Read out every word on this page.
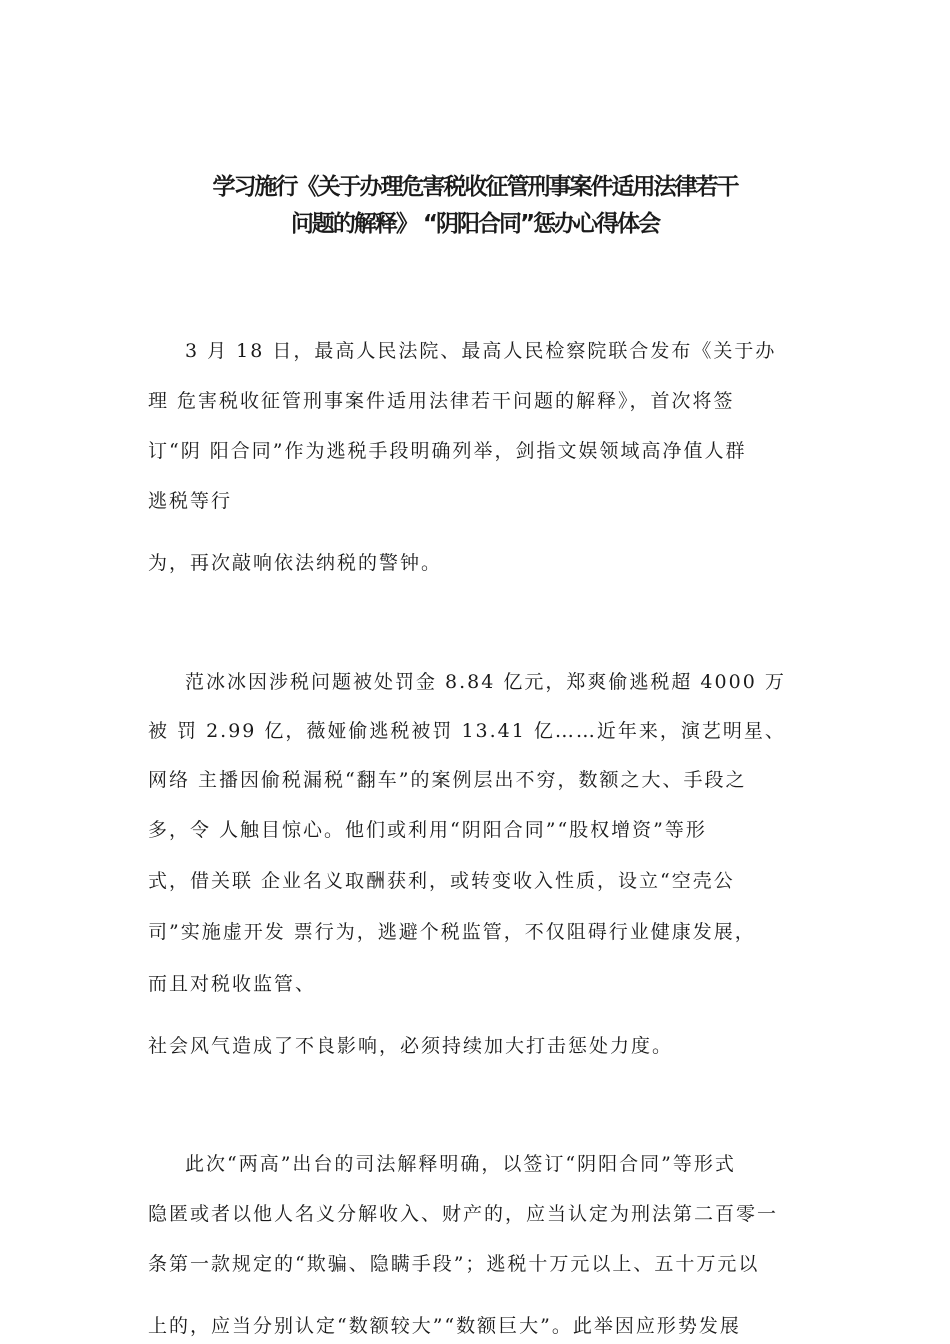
学习施行《关于办理危害税收征管刑事案件适用法律若干
问题的解释》 “阴阳合同”惩办心得体会
3 月 18 日，最高人民法院、最高人民检察院联合发布《关于办
理 危害税收征管刑事案件适用法律若干问题的解释》，首次将签
订“阴 阳合同”作为逃税手段明确列举，剑指文娱领域高净值人群
逃税等行
为，再次敲响依法纳税的警钟。
范冰冰因涉税问题被处罚金 8.84 亿元，郑爽偷逃税超 4000 万
被 罚 2.99 亿，薇娅偷逃税被罚 13.41 亿……近年来，演艺明星、
网络 主播因偷税漏税“翻车”的案例层出不穷，数额之大、手段之
多，令 人触目惊心。他们或利用“阴阳合同”“股权增资”等形
式，借关联 企业名义取酬获利，或转变收入性质，设立“空壳公
司”实施虚开发 票行为，逃避个税监管，不仅阻碍行业健康发展，
而且对税收监管、
社会风气造成了不良影响，必须持续加大打击惩处力度。
此次“两高”出台的司法解释明确，以签订“阴阳合同”等形式
隐匿或者以他人名义分解收入、财产的，应当认定为刑法第二百零一
条第一款规定的“欺骗、隐瞒手段”；逃税十万元以上、五十万元以
上的，应当分别认定“数额较大”“数额巨大”。此举因应形势发展
